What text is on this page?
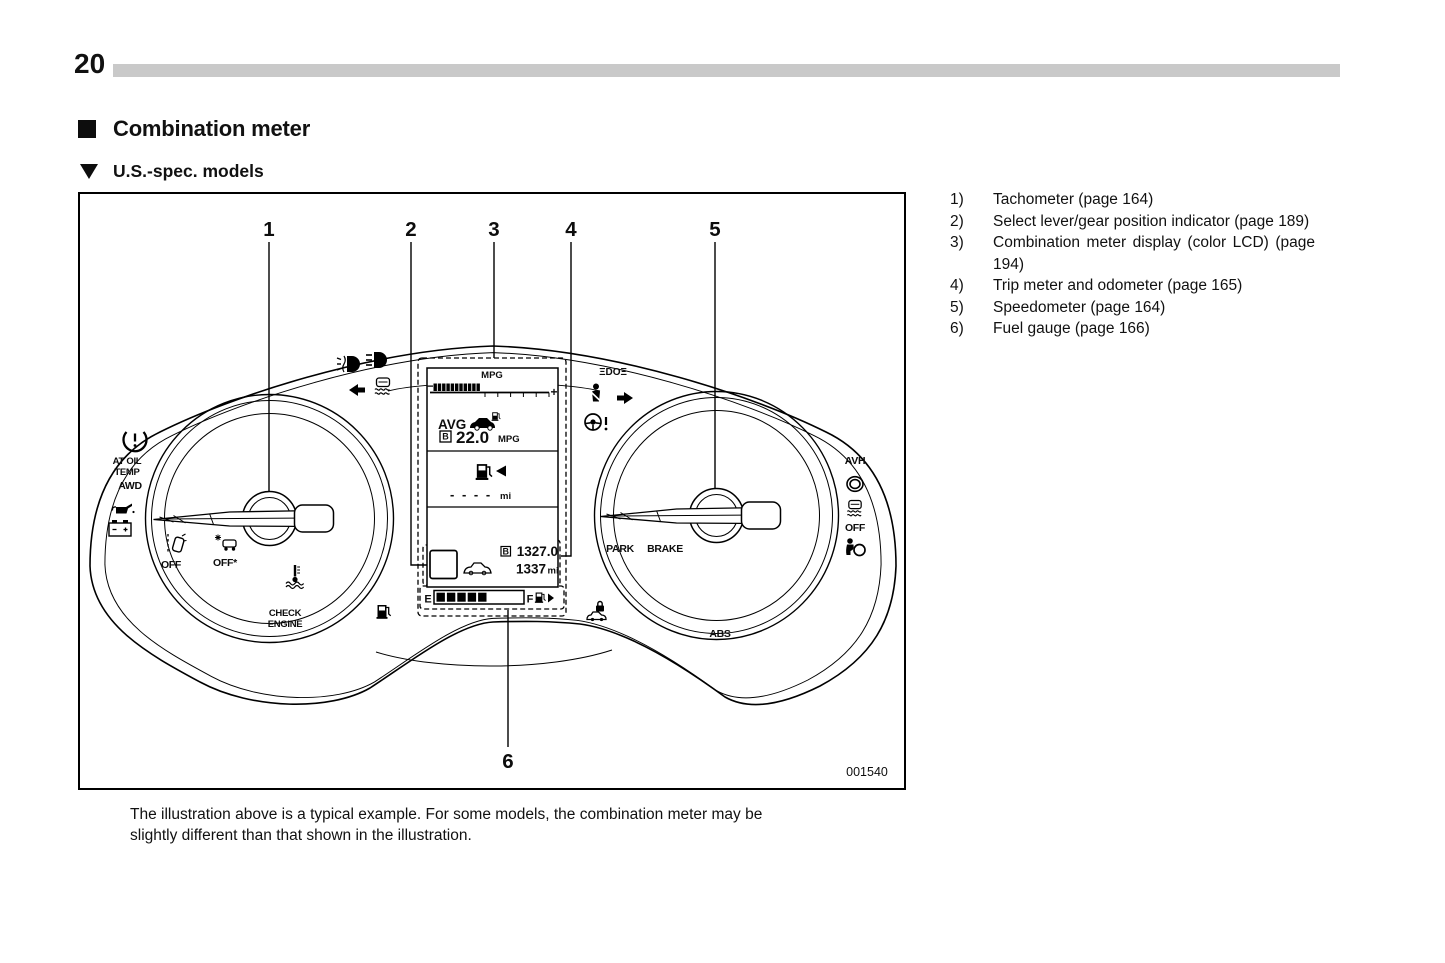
20
Combination meter
U.S.-spec. models
1)	Tachometer (page 164)
2)	Select lever/gear position indicator (page 189)
3)	Combination meter display (color LCD) (page 194)
4)	Trip meter and odometer (page 165)
5)	Speedometer (page 164)
6)	Fuel gauge (page 166)
1	2	3	4	5
6
MPG
−	+
AVG
B 22.0 MPG
- - - - mi
B 1327.0
1337 mi
E	F
AT OIL
TEMP
AWD
OFF	OFF*
CHECK
ENGINE
ΞDOΞ
AVH
OFF
PARK BRAKE
ABS
001540
The illustration above is a typical example. For some models, the combination meter may be
slightly different than that shown in the illustration.
